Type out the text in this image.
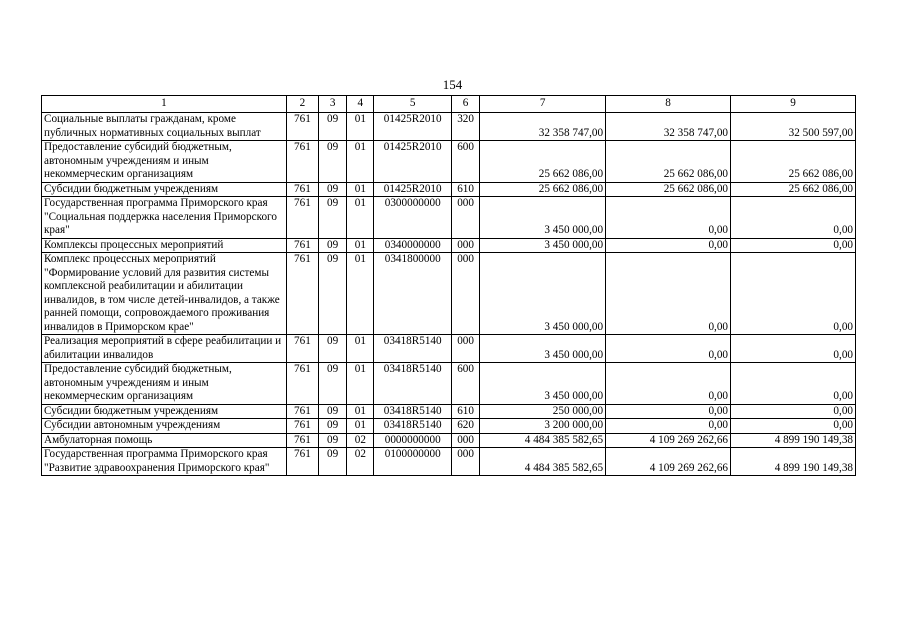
154
1	2	3	4	5	6	7	8	9
Социальные выплаты гражданам, кроме публичных нормативных социальных выплат	761	09	01	01425R2010	320	32 358 747,00	32 358 747,00	32 500 597,00
Предоставление субсидий бюджетным, автономным учреждениям и иным некоммерческим организациям	761	09	01	01425R2010	600	25 662 086,00	25 662 086,00	25 662 086,00
Субсидии бюджетным учреждениям	761	09	01	01425R2010	610	25 662 086,00	25 662 086,00	25 662 086,00
Государственная программа Приморского края "Социальная поддержка населения Приморского края"	761	09	01	0300000000	000	3 450 000,00	0,00	0,00
Комплексы процессных мероприятий	761	09	01	0340000000	000	3 450 000,00	0,00	0,00
Комплекс процессных мероприятий "Формирование условий для развития системы комплексной реабилитации и абилитации инвалидов, в том числе детей-инвалидов, а также ранней помощи, сопровождаемого проживания инвалидов в Приморском крае"	761	09	01	0341800000	000	3 450 000,00	0,00	0,00
Реализация мероприятий в сфере реабилитации и абилитации инвалидов	761	09	01	03418R5140	000	3 450 000,00	0,00	0,00
Предоставление субсидий бюджетным, автономным учреждениям и иным некоммерческим организациям	761	09	01	03418R5140	600	3 450 000,00	0,00	0,00
Субсидии бюджетным учреждениям	761	09	01	03418R5140	610	250 000,00	0,00	0,00
Субсидии автономным учреждениям	761	09	01	03418R5140	620	3 200 000,00	0,00	0,00
Амбулаторная помощь	761	09	02	0000000000	000	4 484 385 582,65	4 109 269 262,66	4 899 190 149,38
Государственная программа Приморского края "Развитие здравоохранения Приморского края"	761	09	02	0100000000	000	4 484 385 582,65	4 109 269 262,66	4 899 190 149,38
